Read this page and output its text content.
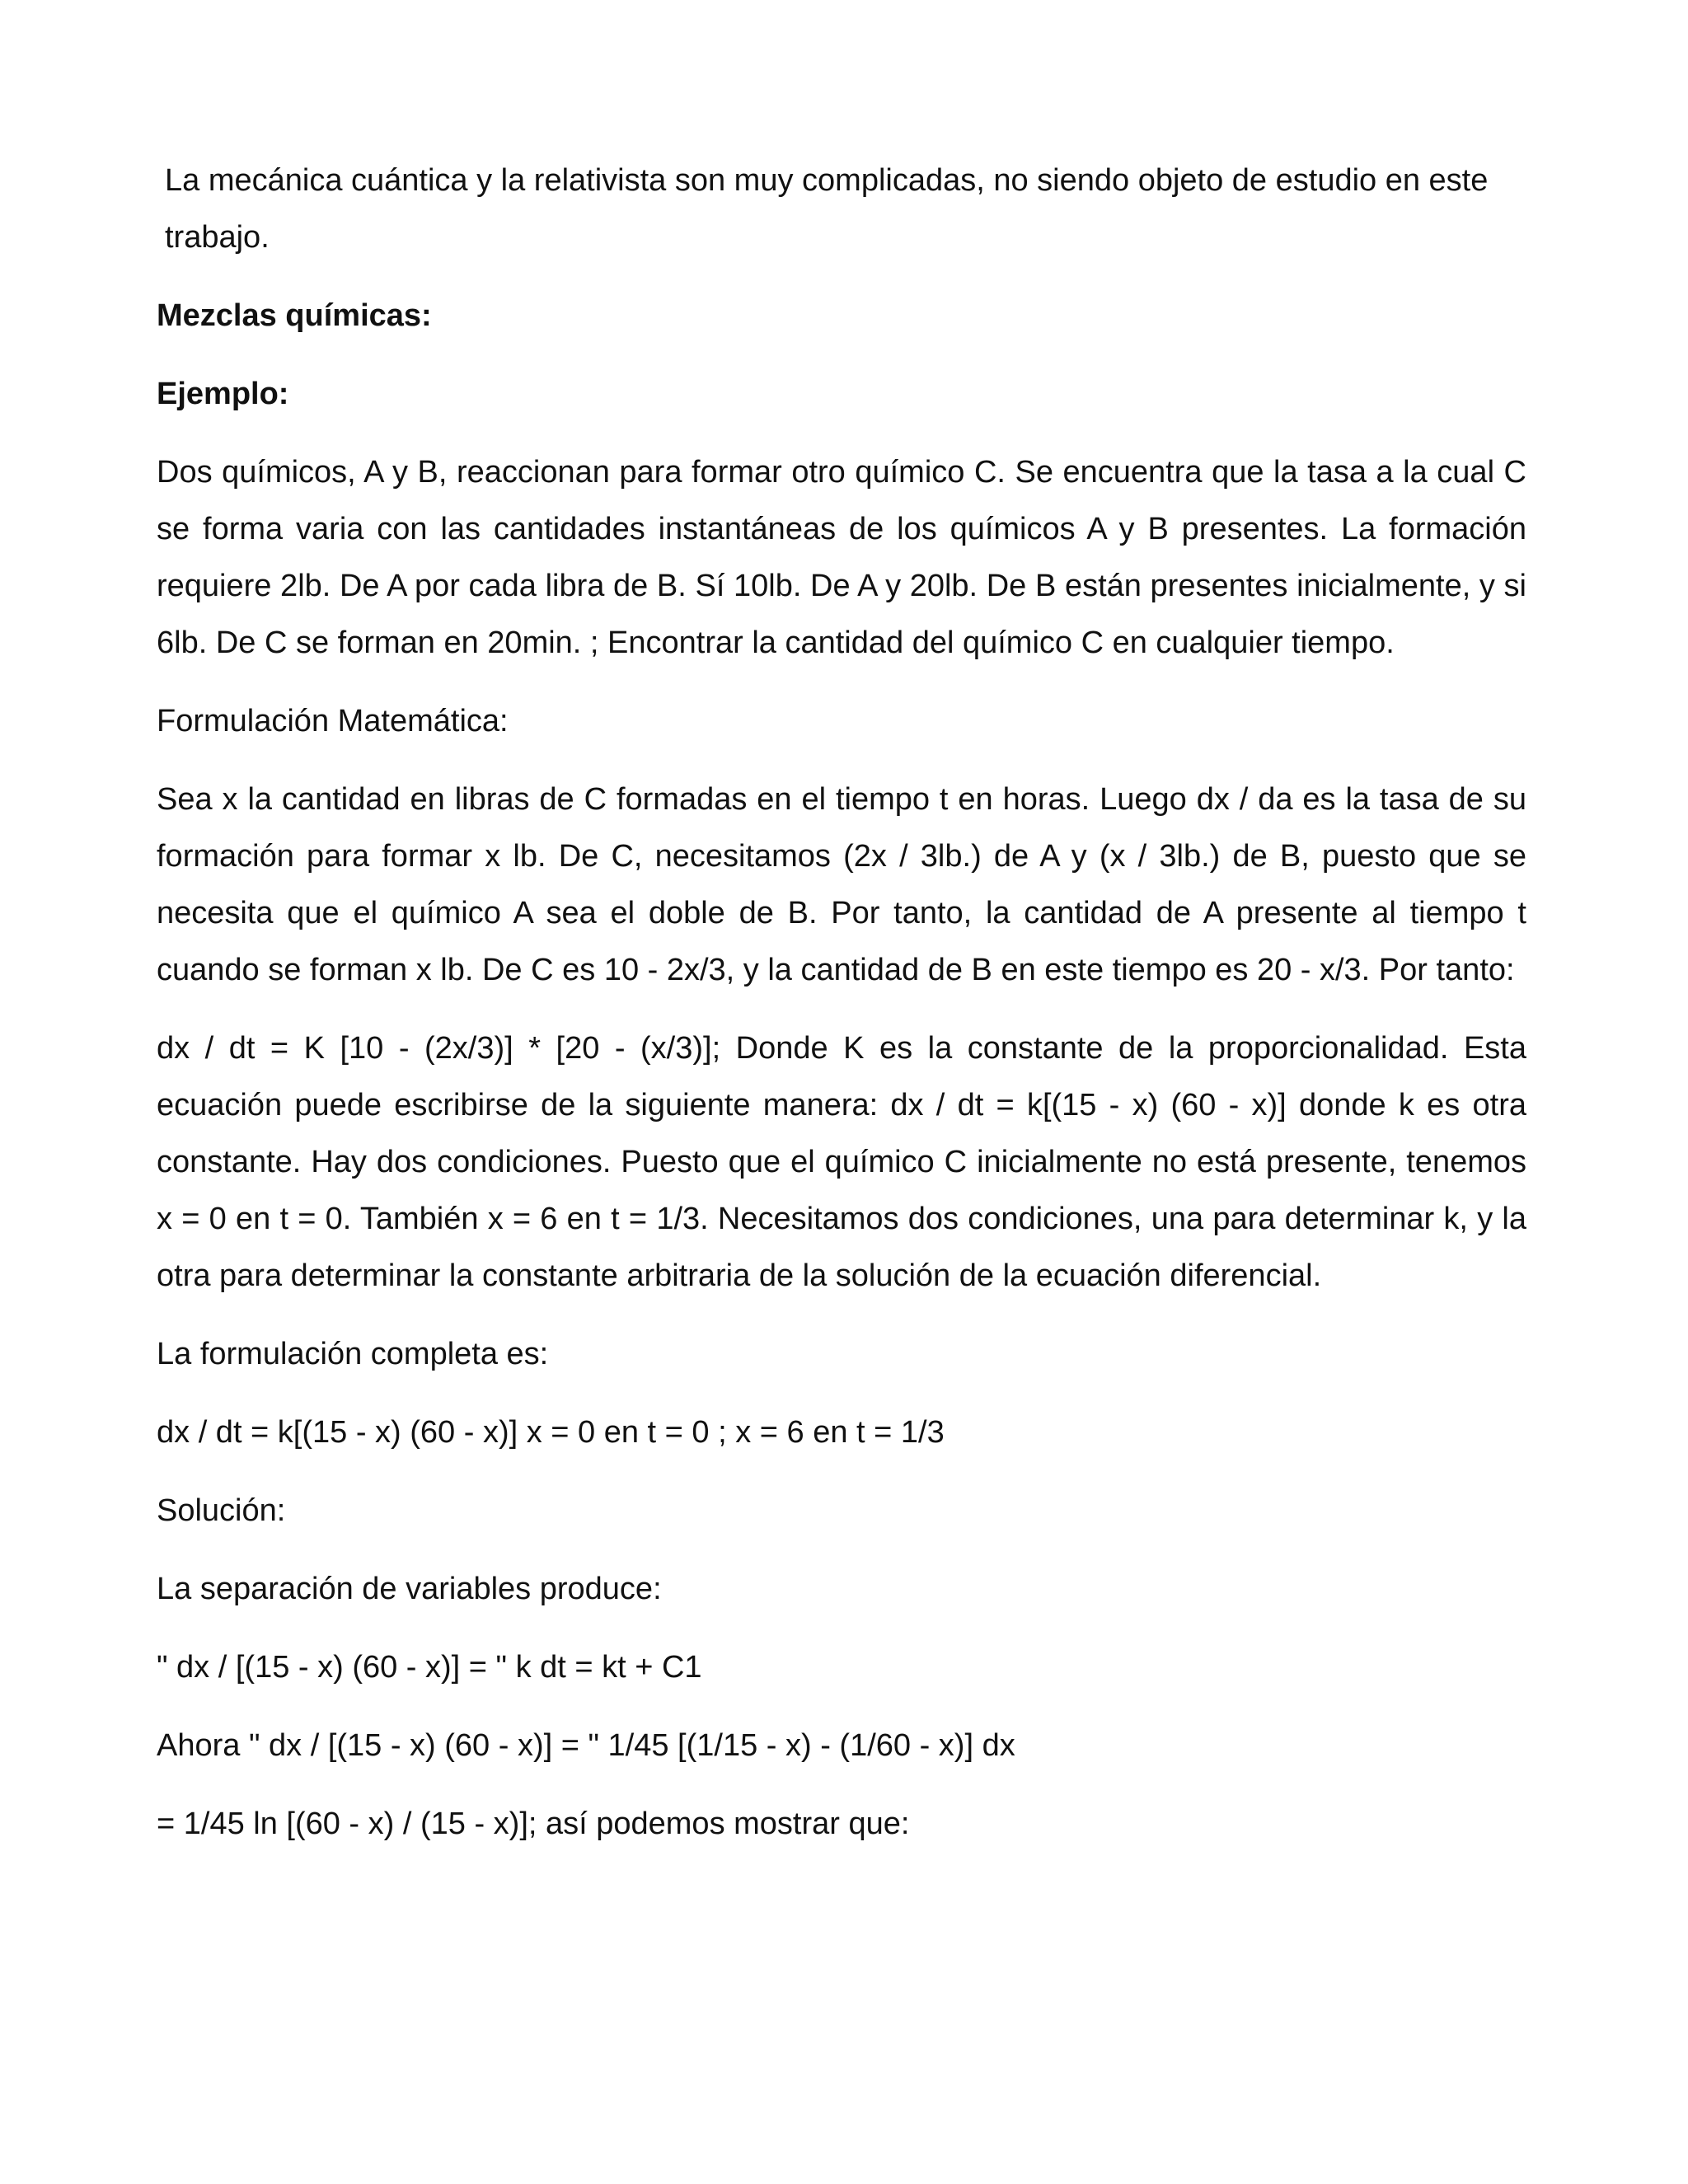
La mecánica cuántica y la relativista son muy complicadas, no siendo objeto de estudio en este trabajo.

Mezclas químicas:

Ejemplo:

Dos químicos, A y B, reaccionan para formar otro químico C. Se encuentra que la tasa a la cual C se forma varia con las cantidades instantáneas de los químicos A y B presentes. La formación requiere 2lb. De A por cada libra de B. Sí 10lb. De A y 20lb. De B están presentes inicialmente, y si 6lb. De C se forman en 20min. ; Encontrar la cantidad del químico C en cualquier tiempo.

Formulación Matemática:

Sea x la cantidad en libras de C formadas en el tiempo t en horas. Luego dx / da es la tasa de su formación para formar x lb. De C, necesitamos (2x / 3lb.) de A y (x / 3lb.) de B, puesto que se necesita que el químico A sea el doble de B. Por tanto, la cantidad de A presente al tiempo t cuando se forman x lb. De C es 10 - 2x/3, y la cantidad de B en este tiempo es 20 - x/3. Por tanto:

dx / dt = K [10 - (2x/3)] * [20 - (x/3)]; Donde K es la constante de la proporcionalidad. Esta ecuación puede escribirse de la siguiente manera: dx / dt = k[(15 - x) (60 - x)] donde k es otra constante. Hay dos condiciones. Puesto que el químico C inicialmente no está presente, tenemos x = 0 en t = 0. También x = 6 en t = 1/3. Necesitamos dos condiciones, una para determinar k, y la otra para determinar la constante arbitraria de la solución de la ecuación diferencial.

La formulación completa es:

dx / dt = k[(15 - x) (60 - x)] x = 0 en t = 0 ; x = 6 en t = 1/3

Solución:

La separación de variables produce:

" dx / [(15 - x) (60 - x)] = " k dt = kt + C1

Ahora " dx / [(15 - x) (60 - x)] = " 1/45 [(1/15 - x) - (1/60 - x)] dx

= 1/45 ln [(60 - x) / (15 - x)]; así podemos mostrar que:
